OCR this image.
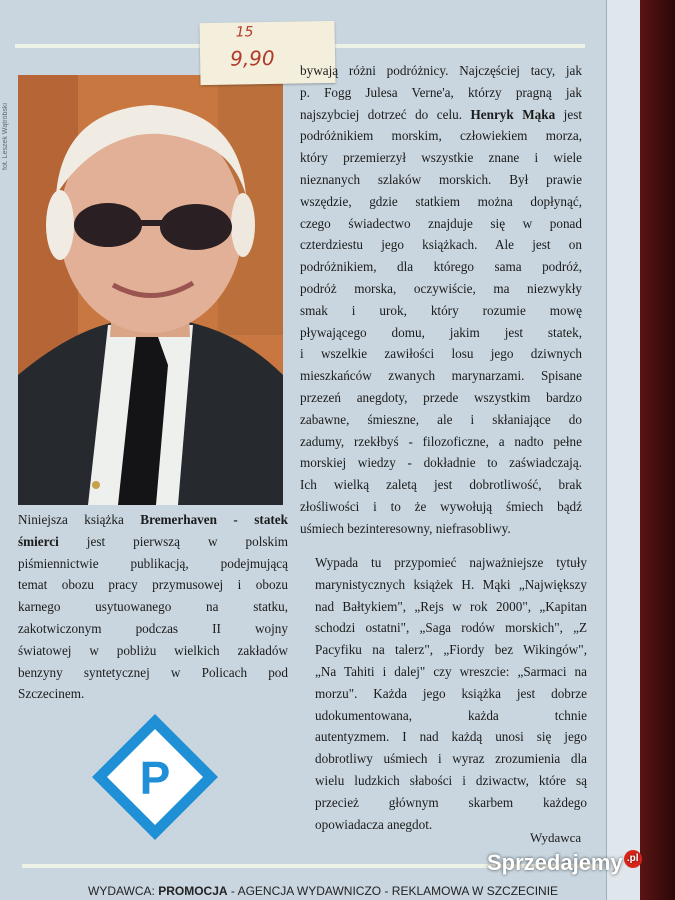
fot. Leszek Wątróbski
15
9,90 bywają różni podróżnicy. Najczęściej tacy, jak
p. Fogg Julesa Verne'a, którzy pragną jak
najszybciej dotrzeć do celu. Henryk Mąka jest
podróżnikiem morskim, człowiekiem morza,
który przemierzył wszystkie znane i wiele
nieznanych szlaków morskich. Był prawie
wszędzie, gdzie statkiem można dopłynąć,
czego świadectwo znajduje się w ponad
czterdziestu jego książkach. Ale jest on
podróżnikiem, dla którego sama podróż,
podróż morska, oczywiście, ma niezwykły
smak i urok, który rozumie mowę
pływającego domu, jakim jest statek,
i wszelkie zawiłości losu jego dziwnych
mieszkańców zwanych marynarzami. Spisane
przezeń anegdoty, przede wszystkim bardzo
zabawne, śmieszne, ale i skłaniające do
zadumy, rzekłbyś - filozoficzne, a nadto pełne
morskiej wiedzy - dokładnie to zaświadczają.
Ich wielką zaletą jest dobrotliwość, brak
złośliwości i to że wywołują śmiech bądź
uśmiech bezinteresowny, niefrasobliwy.
Niniejsza książka Bremerhaven - statek
śmierci jest pierwszą w polskim
piśmiennictwie publikacją, podejmującą
temat obozu pracy przymusowej i obozu
karnego usytuowanego na statku,
zakotwiczonym podczas II wojny
światowej w pobliżu wielkich zakładów
benzyny syntetycznej w Policach pod
Szczecinem.
Wypada tu przypomieć najważniejsze tytuły
marynistycznych książek H. Mąki „Największy
nad Bałtykiem", „Rejs w rok 2000", „Kapitan
schodzi ostatni", „Saga rodów morskich", „Z
Pacyfiku na talerz", „Fiordy bez Wikingów",
„Na Tahiti i dalej" czy wreszcie: „Sarmaci na
morzu". Każda jego książka jest dobrze
udokumentowana, każda tchnie
autentyzmem. I nad każdą unosi się jego
dobrotliwy uśmiech i wyraz zrozumienia dla
wielu ludzkich słabości i dziwactw, które są
przecież głównym skarbem każdego
opowiadacza anegdot.
Wydawca
P
WYDAWCA: PROMOCJA - AGENCJA WYDAWNICZO - REKLAMOWA W SZCZECINIE
Sprzedajemy .pl
